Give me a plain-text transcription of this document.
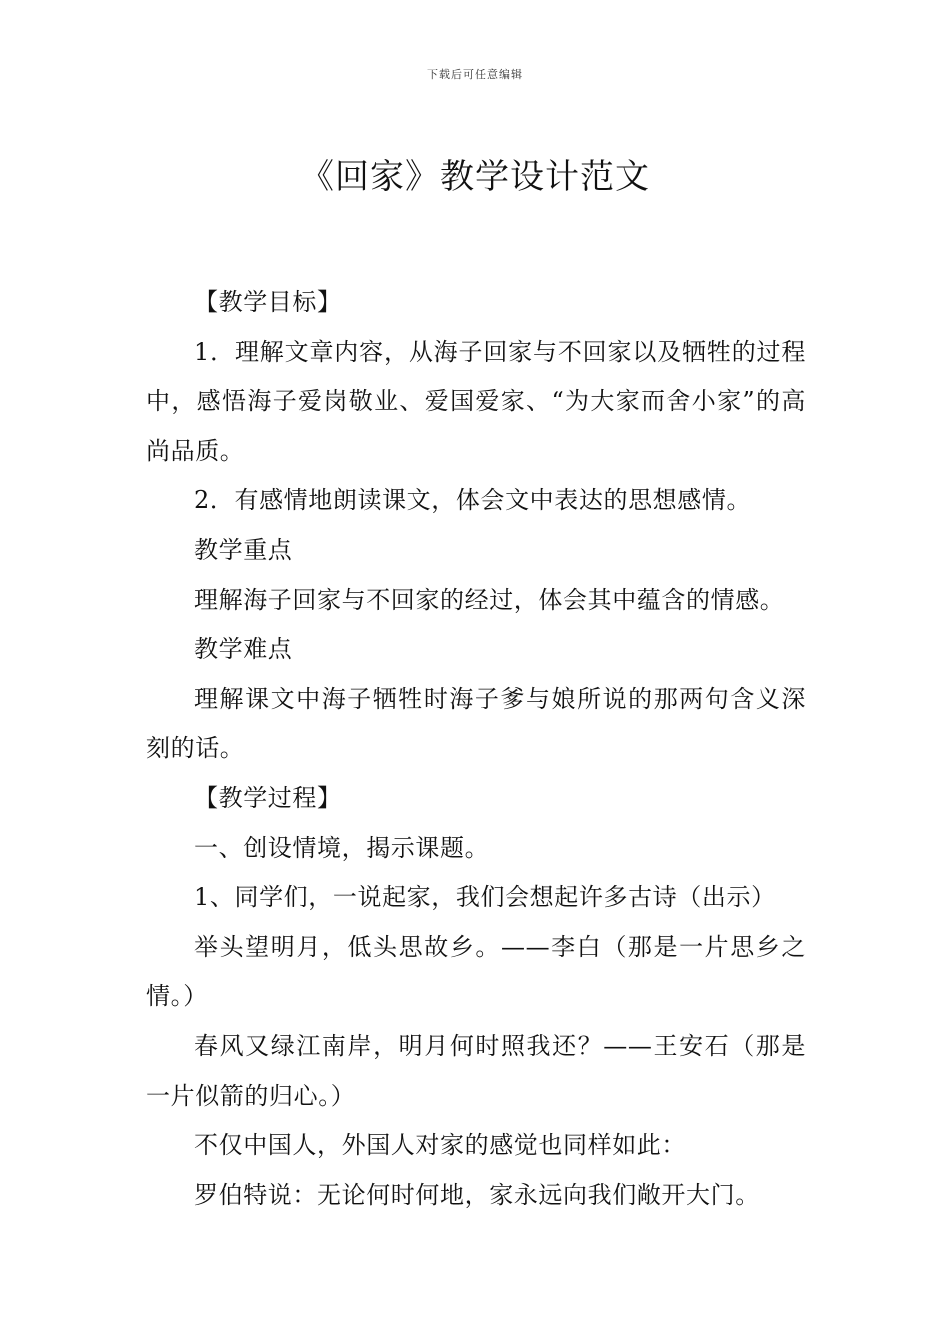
下载后可任意编辑
《回家》教学设计范文

【教学目标】

1．理解文章内容，从海子回家与不回家以及牺牲的过程中，感悟海子爱岗敬业、爱国爱家、“为大家而舍小家”的高尚品质。

2．有感情地朗读课文，体会文中表达的思想感情。

教学重点

理解海子回家与不回家的经过，体会其中蕴含的情感。

教学难点

理解课文中海子牺牲时海子爹与娘所说的那两句含义深刻的话。

【教学过程】

一、创设情境，揭示课题。

1、同学们，一说起家，我们会想起许多古诗（出示）

举头望明月，低头思故乡。——李白（那是一片思乡之情。）

春风又绿江南岸，明月何时照我还？——王安石（那是一片似箭的归心。）

不仅中国人，外国人对家的感觉也同样如此：

罗伯特说：无论何时何地，家永远向我们敞开大门。
